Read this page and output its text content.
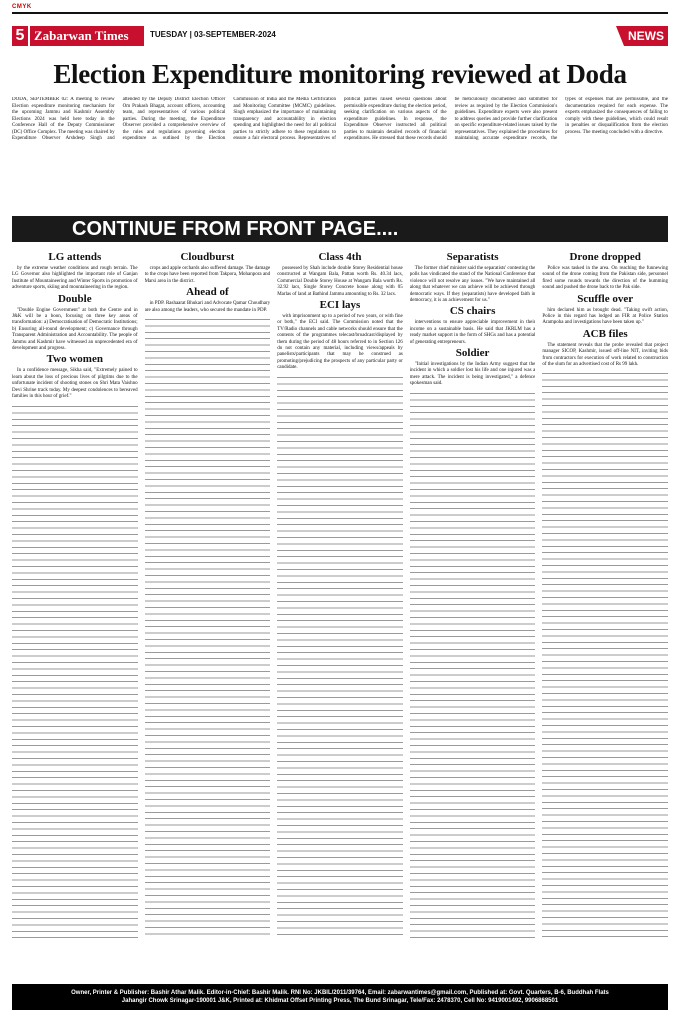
CMYK
5 Zabarwan Times	TUESDAY | 03-SEPTEMBER-2024	NEWS
Election Expenditure monitoring reviewed at Doda

DODA, SEPTEMBER 02: A meeting to review Election expenditure monitoring mechanism for the upcoming Jammu and Kashmir Assembly Elections 2024 was held here today in the Conference Hall of the Deputy Commissioner (DC) Office Complex. The meeting was chaired by Expenditure Observer Arshdeep Singh and attended by the Deputy District Election Officer Om Prakash Bhagat, account officers, accounting team, and representatives of various political parties. During the meeting, the Expenditure Observer provided a comprehensive overview of the rules and regulations governing election expenditure as outlined by the Election Commission of India and the Media Certification and Monitoring Committee (MCMC) guidelines. Singh emphasized the importance of maintaining transparency and accountability in election spending and highlighted the need for all political parties to strictly adhere to these regulations to ensure a fair electoral process. Representatives of political parties raised several questions about permissible expenditure during the election period, seeking clarification on various aspects of the expenditure guidelines. In response, the Expenditure Observer instructed all political parties to maintain detailed records of financial expenditures. He stressed that these records should be meticulously documented and submitted for review as required by the Election Commission's guidelines. Expenditure experts were also present to address queries and provide further clarification on specific expenditure-related issues raised by the representatives. They explained the procedures for maintaining accurate expenditure records, the types of expenses that are permissible, and the documentation required for each expense. The experts emphasized the consequences of failing to comply with these guidelines, which could result in penalties or disqualification from the election process. The meeting concluded with a directive.

CONTINUE FROM FRONT PAGE....
LG attends

by the extreme weather conditions and rough terrain. The LG Governor also highlighted the important role of Ganjan Institute of Mountaineering and Winter Sports in promotion of adventure sports, skiing and mountaineering in the region.

Double

"Double Engine Government" at both the Centre and in J&K will be a boon, focusing on three key areas of transformation: a) Democratisation of Democratic Institutions; b) Ensuring all-round development; c) Governance through Transparent Administration and Accountability. The people of Jammu and Kashmir have witnessed an unprecedented era of development and progress.

Two women

In a confidence message, Sikha said, "Extremely pained to learn about the loss of precious lives of pilgrims due to the unfortunate incident of shooting stones on Shri Mata Vaishno Devi Shrine track today. My deepest condolences to bereaved families in this hour of grief."

Cloudburst

crops and apple orchards also suffered damage. The damage to the crops have been reported from Takpora, Mohanpora and Marsi area in the district.

Ahead of

in PDP. Rashaarat Bhukari and Advocate Qamar Choudhary are also among the leaders, who secured the mandate in PDP.

Class 4th

possessed by Shah include double Storey Residential house constructed at Wangam Bala, Pattan worth Rs. 40.34 lacs, Commercial Double Storey House at Wangam Bala worth Rs. 32.92 lacs, Single Storey Concrete house along with 05 Marlas of land at Bathind Jammu amounting to Rs. 32 lacs.

ECI lays

with imprisonment up to a period of two years, or with fine or both," the ECI said. The Commission noted that the TV/Radio channels and cable networks should ensure that the contents of the programmes telecast/broadcast/displayed by them during the period of 48 hours referred to in Section 126 do not contain any material, including views/appeals by panelists/participants that may be construed as promoting/prejudicing the prospects of any particular party or candidate.

Separatists

The former chief minister said the separatists' contesting the polls has vindicated the stand of the National Conference that violence will not resolve any issues. "We have maintained all along that whatever we can achieve will be achieved through democratic ways. If they (separatists) have developed faith in democracy, it is an achievement for us."

CS chairs

interventions to ensure appreciable improvement in their income on a sustainable basis. He said that JKRLM has a ready market support in the form of SHGs and has a potential of generating entrepreneurs.

Soldier

"Initial investigations by the Indian Army suggest that the incident in which a soldier lost his life and one injured was a mere attack. The incident is being investigated," a defence spokesman said.

Drone dropped

Police was tasked in the area. On reaching the funnewing sound of the drone coming from the Pakistan side, personnel fired some rounds towards the direction of the humming sound and pushed the drone back to the Pak side.

Scuffle over

him declared him as brought dead. "Taking swift action, Police in this regard has lodged an FIR at Police Station Arampoha and investigations have been taken up."

ACB files

The statement reveals that the probe revealed that project manager SICOP, Kashmir, issued off-line NIT, inviting bids from contractors for execution of work related to construction of the slum for an advertised cost of Rs 99 lakh.

Owner, Printer & Publisher: Bashir Athar Malik. Editor-in-Chief: Bashir Malik. RNI No: JKBIL/2011/39764, Email: zabarwantimes@gmail.com, Published at: Govt. Quarters, B-6, Buddhah Flats
Jahangir Chowk Srinagar-190001 J&K, Printed at: Khidmat Offset Printing Press, The Bund Srinagar, Tele/Fax: 2478370, Cell No: 9419001492, 9906868501
